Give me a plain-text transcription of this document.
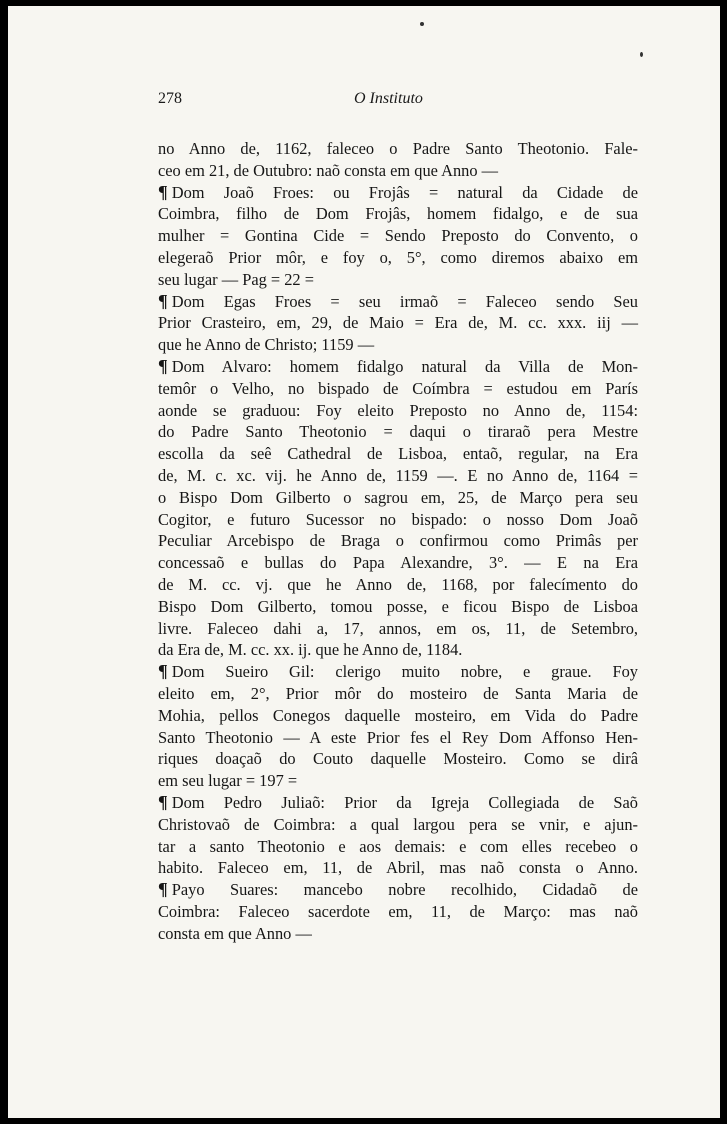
278	O Instituto
no Anno de, 1162, faleceo o Padre Santo Theotonio. Fale-
ceo em 21, de Outubro: naõ consta em que Anno —
¶ Dom Joaõ Froes: ou Frojâs = natural da Cidade de
Coimbra, filho de Dom Frojâs, homem fidalgo, e de sua
mulher = Gontina Cide = Sendo Preposto do Convento, o
elegeraõ Prior môr, e foy o, 5°, como diremos abaixo em
seu lugar — Pag = 22 =
¶ Dom Egas Froes = seu irmaõ = Faleceo sendo Seu
Prior Crasteiro, em, 29, de Maio = Era de, M. cc. xxx. iij —
que he Anno de Christo; 1159 —
¶ Dom Alvaro: homem fidalgo natural da Villa de Mon-
temôr o Velho, no bispado de Coímbra = estudou em París
aonde se graduou: Foy eleito Preposto no Anno de, 1154:
do Padre Santo Theotonio = daqui o tiraraõ pera Mestre
escolla da seê Cathedral de Lisboa, entaõ, regular, na Era
de, M. c. xc. vij. he Anno de, 1159 —. E no Anno de, 1164 =
o Bispo Dom Gilberto o sagrou em, 25, de Março pera seu
Cogitor, e futuro Sucessor no bispado: o nosso Dom Joaõ
Peculiar Arcebispo de Braga o confirmou como Primâs per
concessaõ e bullas do Papa Alexandre, 3°. — E na Era
de M. cc. vj. que he Anno de, 1168, por falecímento do
Bispo Dom Gilberto, tomou posse, e ficou Bispo de Lisboa
livre. Faleceo dahi a, 17, annos, em os, 11, de Setembro,
da Era de, M. cc. xx. ij. que he Anno de, 1184.
¶ Dom Sueiro Gil: clerigo muito nobre, e graue. Foy
eleito em, 2°, Prior môr do mosteiro de Santa Maria de
Mohia, pellos Conegos daquelle mosteiro, em Vida do Padre
Santo Theotonio — A este Prior fes el Rey Dom Affonso Hen-
riques doaçaõ do Couto daquelle Mosteiro. Como se dirâ
em seu lugar = 197 =
¶ Dom Pedro Juliaõ: Prior da Igreja Collegiada de Saõ
Christovaõ de Coimbra: a qual largou pera se vnir, e ajun-
tar a santo Theotonio e aos demais: e com elles recebeo o
habito. Faleceo em, 11, de Abril, mas naõ consta o Anno.
¶ Payo Suares: mancebo nobre recolhido, Cidadaõ de
Coimbra: Faleceo sacerdote em, 11, de Março: mas naõ
consta em que Anno —
